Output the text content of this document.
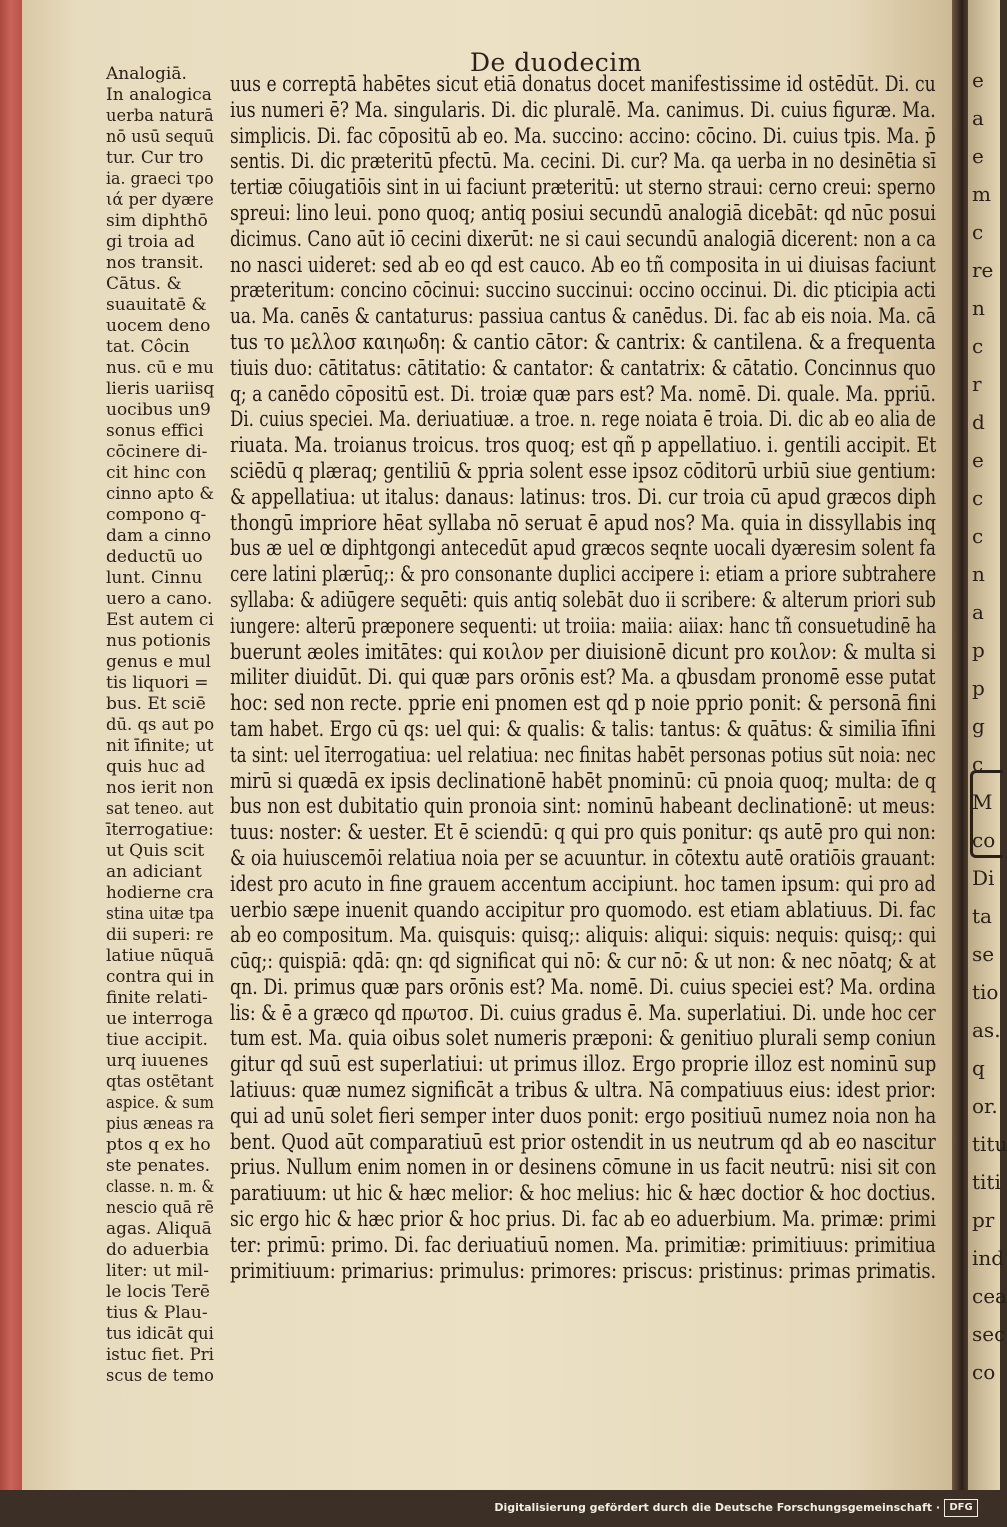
De duodecim
Analogiā.
In analogica
uerba naturā
nō usū sequū
tur. Cur tro
ia. graeci τρο
ιά per dyære
sim diphthō
gi troia ad
nos transit.
Cātus. &
suauitatē &
uocem deno
tat. Côcin
nus. cū e mu
lieris uariisq
uocibus un9
sonus effici
cōcinere di-
cit hinc con
cinno apto &
compono q-
dam a cinno
deductū uo
lunt. Cinnu
uero a cano.
Est autem ci
nus potionis
genus e mul
tis liquori =
bus. Et sciē
dū. qs aut po
nit īfinite; ut
quis huc ad
nos ierit non
sat teneo. aut
īterrogatiue:
ut Quis scit
an adiciant
hodierne cra
stina uitæ tpa
dii superi: re
latiue nūquā
contra qui in
finite relati-
ue interroga
tiue accipit.
urq iuuenes
qtas ostētant
aspice. & sum
pius æneas ra
ptos q ex ho
ste penates.
classe. n. m. &
nescio quā rē
agas. Aliquā
do aduerbia
liter: ut mil-
le locis Terē
tius & Plau-
tus idicāt qui
istuc fiet. Pri
scus de temo
uus e correptā habētes sicut etiā donatus docet manifestissime id ostēdūt. Di. cu
ius numeri ē? Ma. singularis. Di. dic pluralē. Ma. canimus. Di. cuius figuræ. Ma.
simplicis. Di. fac cōpositū ab eo. Ma. succino: accino: cōcino. Di. cuius tpis. Ma. p̄
sentis. Di. dic præteritū pfectū. Ma. cecini. Di. cur? Ma. qa uerba in no desinētia sī
tertiæ cōiugatiōis sint in ui faciunt præteritū: ut sterno straui: cerno creui: sperno
spreui: lino leui. pono quoq; antiq posiui secundū analogiā dicebāt: qd nūc posui
dicimus. Cano aūt iō cecini dixerūt: ne si caui secundū analogiā dicerent: non a ca
no nasci uideret: sed ab eo qd est cauco. Ab eo tñ composita in ui diuisas faciunt
præteritum: concino cōcinui: succino succinui: occino occinui. Di. dic pticipia acti
ua. Ma. canēs & cantaturus: passiua cantus & canēdus. Di. fac ab eis noia. Ma. cā
tus το μελλοσ καιηωδη: & cantio cātor: & cantrix: & cantilena. & a frequenta
tiuis duo: cātitatus: cātitatio: & cantator: & cantatrix: & cātatio. Concinnus quo
q; a canēdo cōpositū est. Di. troiæ quæ pars est? Ma. nomē. Di. quale. Ma. ppriū.
Di. cuius speciei. Ma. deriuatiuæ. a troe. n. rege noiata ē troia. Di. dic ab eo alia de
riuata. Ma. troianus troicus. tros quoq; est qñ p appellatiuo. i. gentili accipit. Et
sciēdū q plæraq; gentiliū & ppria solent esse ipsoz cōditorū urbiū siue gentium:
& appellatiua: ut italus: danaus: latinus: tros. Di. cur troia cū apud græcos diph
thongū impriore hēat syllaba nō seruat ē apud nos? Ma. quia in dissyllabis inq
bus æ uel œ diphtgongi antecedūt apud græcos seqnte uocali dyæresim solent fa
cere latini plærūq;: & pro consonante duplici accipere i: etiam a priore subtrahere
syllaba: & adiūgere sequēti: quis antiq solebāt duo ii scribere: & alterum priori sub
iungere: alterū præponere sequenti: ut troiia: maiia: aiiax: hanc tñ consuetudinē ha
buerunt æoles imitātes: qui κοιλον per diuisionē dicunt pro κοιλον: & multa si
militer diuidūt. Di. qui quæ pars orōnis est? Ma. a qbusdam pronomē esse putat
hoc: sed non recte. pprie eni pnomen est qd p noie pprio ponit: & personā fini
tam habet. Ergo cū qs: uel qui: & qualis: & talis: tantus: & quātus: & similia īfini
ta sint: uel īterrogatiua: uel relatiua: nec finitas habēt personas potius sūt noia: nec
mirū si quædā ex ipsis declinationē habēt pnominū: cū pnoia quoq; multa: de q
bus non est dubitatio quin pronoia sint: nominū habeant declinationē: ut meus:
tuus: noster: & uester. Et ē sciendū: q qui pro quis ponitur: qs autē pro qui non:
& oia huiuscemōi relatiua noia per se acuuntur. in cōtextu autē oratiōis grauant:
idest pro acuto in fine grauem accentum accipiunt. hoc tamen ipsum: qui pro ad
uerbio sæpe inuenit quando accipitur pro quomodo. est etiam ablatiuus. Di. fac
ab eo compositum. Ma. quisquis: quisq;: aliquis: aliqui: siquis: nequis: quisq;: qui
cūq;: quispiā: qdā: qn: qd significat qui nō: & cur nō: & ut non: & nec nōatq; & at
qn. Di. primus quæ pars orōnis est? Ma. nomē. Di. cuius speciei est? Ma. ordina
lis: & ē a græco qd πρωτοσ. Di. cuius gradus ē. Ma. superlatiui. Di. unde hoc cer
tum est. Ma. quia oibus solet numeris præponi: & genitiuo plurali semp coniun
gitur qd suū est superlatiui: ut primus illoz. Ergo proprie illoz est nominū sup
latiuus: quæ numez significāt a tribus & ultra. Nā compatiuus eius: idest prior:
qui ad unū solet fieri semper inter duos ponit: ergo positiuū numez noia non ha
bent. Quod aūt comparatiuū est prior ostendit in us neutrum qd ab eo nascitur
prius. Nullum enim nomen in or desinens cōmune in us facit neutrū: nisi sit con
paratiuum: ut hic & hæc melior: & hoc melius: hic & hæc doctior & hoc doctius.
sic ergo hic & hæc prior & hoc prius. Di. fac ab eo aduerbium. Ma. primæ: primi
ter: primū: primo. Di. fac deriuatiuū nomen. Ma. primitiæ: primitiuus: primitiua
primitiuum: primarius: primulus: primores: priscus: pristinus: primas primatis.
e
a
e
m
c
re
n
c
r
d
e
c
c
n
a
p
p
g
c
M
co
Di
ta
se
tio
as.
q
or.
titu
titi
pr
ind
cea
sec
co
Digitalisierung gefördert durch die Deutsche Forschungsgemeinschaft · DFG
